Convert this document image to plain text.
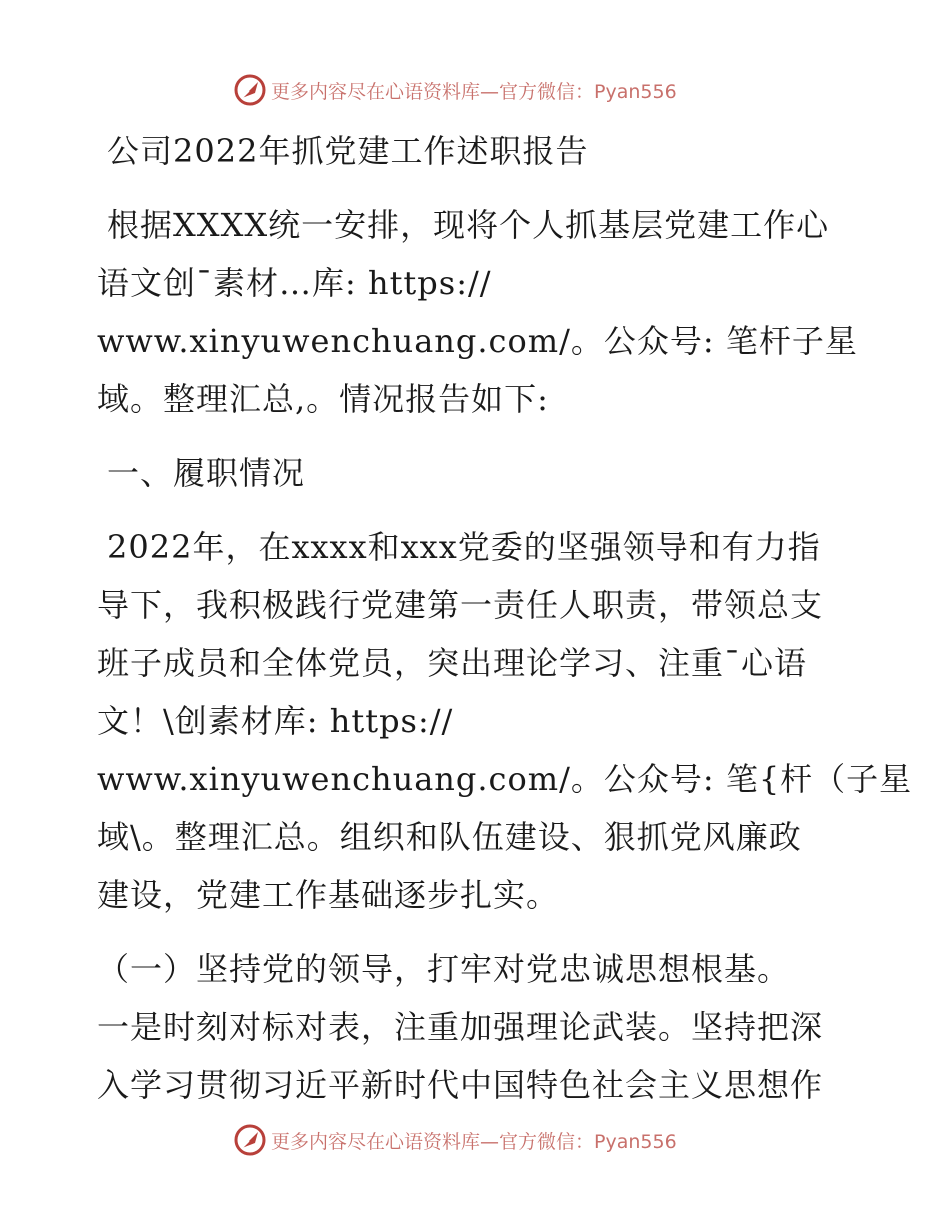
更多内容尽在心语资料库—官方微信：Pyan556
公司2022年抓党建工作述职报告
根据XXXX统一安排，现将个人抓基层党建工作心
语文创¯素材…库: https://
www.xinyuwenchuang.com/。公众号: 笔杆子星
域。整理汇总,。情况报告如下:
一、履职情况
2022年，在xxxx和xxx党委的坚强领导和有力指
导下，我积极践行党建第一责任人职责，带领总支
班子成员和全体党员，突出理论学习、注重¯心语
文！\创素材库: https://
www.xinyuwenchuang.com/。公众号: 笔{杆（子星
域\。整理汇总。组织和队伍建设、狠抓党风廉政
建设，党建工作基础逐步扎实。
（一）坚持党的领导，打牢对党忠诚思想根基。
一是时刻对标对表，注重加强理论武装。坚持把深
入学习贯彻习近平新时代中国特色社会主义思想作
更多内容尽在心语资料库—官方微信：Pyan556
